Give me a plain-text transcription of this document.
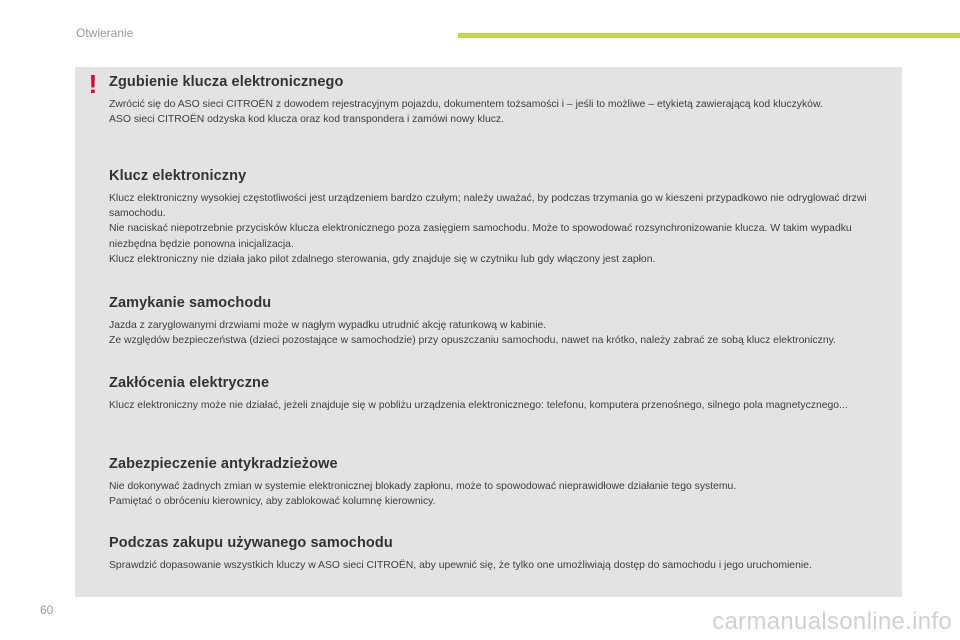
Otwieranie
! Zgubienie klucza elektronicznego

Zwrócić się do ASO sieci CITROËN z dowodem rejestracyjnym pojazdu, dokumentem tożsamości i – jeśli to możliwe – etykietą zawierającą kod kluczyków.
ASO sieci CITROËN odzyska kod klucza oraz kod transpondera i zamówi nowy klucz.

Klucz elektroniczny

Klucz elektroniczny wysokiej częstotliwości jest urządzeniem bardzo czułym; należy uważać, by podczas trzymania go w kieszeni przypadkowo nie odryglować drzwi samochodu.
Nie naciskać niepotrzebnie przycisków klucza elektronicznego poza zasięgiem samochodu. Może to spowodować rozsynchronizowanie klucza. W takim wypadku niezbędna będzie ponowna inicjalizacja.
Klucz elektroniczny nie działa jako pilot zdalnego sterowania, gdy znajduje się w czytniku lub gdy włączony jest zapłon.

Zamykanie samochodu

Jazda z zaryglowanymi drzwiami może w nagłym wypadku utrudnić akcję ratunkową w kabinie.
Ze względów bezpieczeństwa (dzieci pozostające w samochodzie) przy opuszczaniu samochodu, nawet na krótko, należy zabrać ze sobą klucz elektroniczny.

Zakłócenia elektryczne

Klucz elektroniczny może nie działać, jeżeli znajduje się w pobliżu urządzenia elektronicznego: telefonu, komputera przenośnego, silnego pola magnetycznego...

Zabezpieczenie antykradzieżowe

Nie dokonywać żadnych zmian w systemie elektronicznej blokady zapłonu, może to spowodować nieprawidłowe działanie tego systemu.
Pamiętać o obróceniu kierownicy, aby zablokować kolumnę kierownicy.

Podczas zakupu używanego samochodu

Sprawdzić dopasowanie wszystkich kluczy w ASO sieci CITROËN, aby upewnić się, że tylko one umożliwiają dostęp do samochodu i jego uruchomienie.

60	carmanualsonline.info
